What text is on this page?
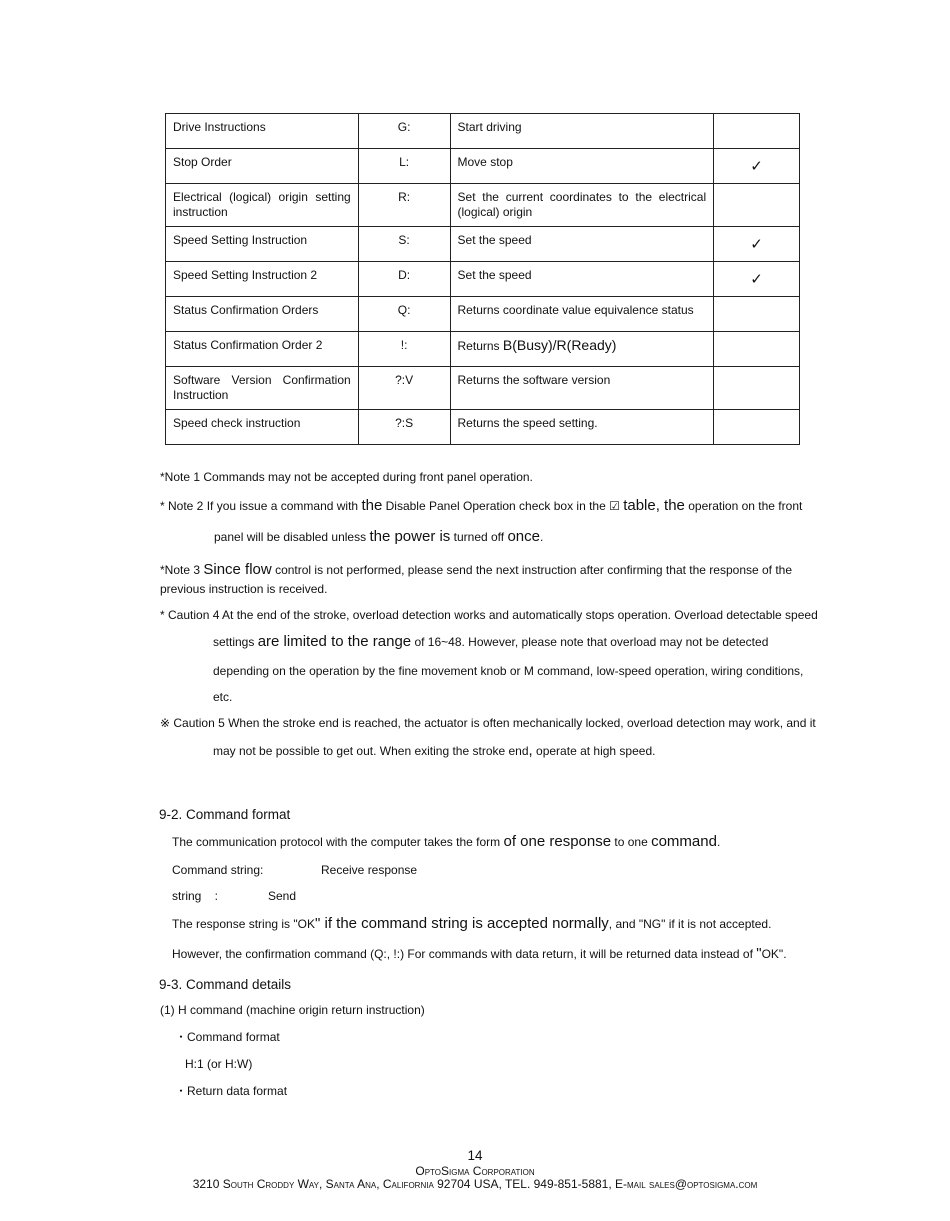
Drive Instructions	G:	Start driving	
Stop Order	L:	Move stop	✓
Electrical (logical) origin setting instruction	R:	Set the current coordinates to the electrical (logical) origin	
Speed Setting Instruction	S:	Set the speed	✓
Speed Setting Instruction 2	D:	Set the speed	✓
Status Confirmation Orders	Q:	Returns coordinate value equivalence status	
Status Confirmation Order 2	!:	Returns B(Busy)/R(Ready)	
Software Version Confirmation Instruction	?:V	Returns the software version	
Speed check instruction	?:S	Returns the speed setting.	
*Note 1 Commands may not be accepted during front panel operation.
* Note 2 If you issue a command with the Disable Panel Operation check box in the ☑ table, the operation on the front
panel will be disabled unless the power is turned off once.
*Note 3 Since flow control is not performed, please send the next instruction after confirming that the response of the
previous instruction is received.
* Caution 4 At the end of the stroke, overload detection works and automatically stops operation. Overload detectable speed
settings are limited to the range of 16~48. However, please note that overload may not be detected
depending on the operation by the fine movement knob or M command, low-speed operation, wiring conditions,
etc.
※ Caution 5 When the stroke end is reached, the actuator is often mechanically locked, overload detection may work, and it
may not be possible to get out. When exiting the stroke end, operate at high speed.
9-2. Command format
The communication protocol with the computer takes the form of one response to one command.
Command string:	Receive response
string    :	Send
The response string is "OK" if the command string is accepted normally, and "NG" if it is not accepted.
However, the confirmation command (Q:, !:) For commands with data return, it will be returned data instead of "OK".
9-3. Command details
(1) H command (machine origin return instruction)
・Command format
H:1 (or H:W)
・Return data format
14
OptoSigma Corporation
3210 South Croddy Way, Santa Ana, California 92704 USA, TEL. 949-851-5881, E-mail sales@optosigma.com
